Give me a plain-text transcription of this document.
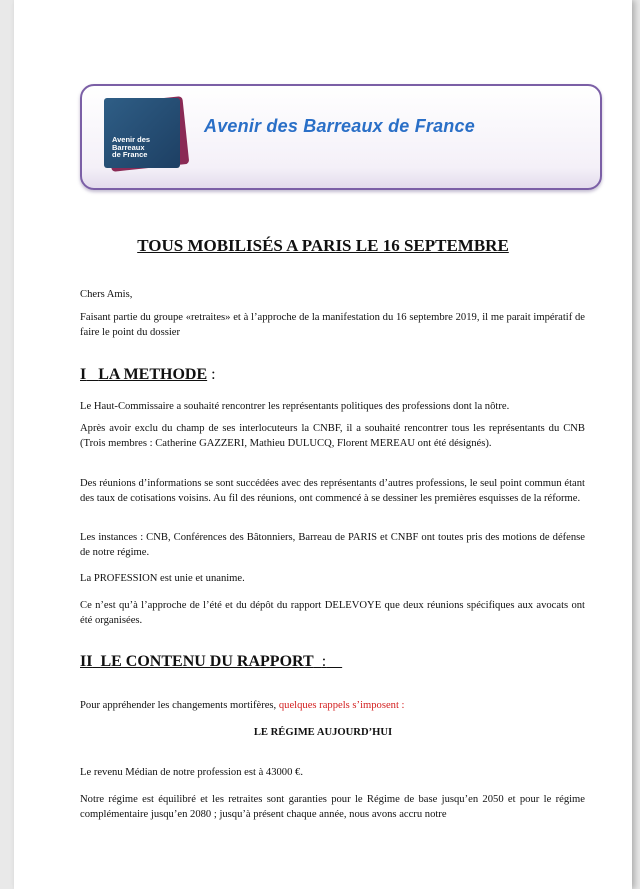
Avenir des
Barreaux
de France
Avenir des Barreaux de France
TOUS MOBILISÉS A PARIS LE 16 SEPTEMBRE
Chers Amis,
Faisant partie du groupe «retraites» et à l’approche de la manifestation du 16 septembre 2019, il me parait impératif de faire le point du dossier
I LA METHODE :
Le Haut-Commissaire a souhaité rencontrer les représentants politiques des professions dont la nôtre.
Après avoir exclu du champ de ses interlocuteurs la CNBF, il a souhaité rencontrer tous les représentants du CNB (Trois membres : Catherine GAZZERI, Mathieu DULUCQ, Florent MEREAU ont été désignés).
Des réunions d’informations se sont succédées avec des représentants d’autres professions, le seul point commun étant des taux de cotisations voisins. Au fil des réunions, ont commencé à se dessiner les premières esquisses de la réforme.
Les instances : CNB, Conférences des Bâtonniers, Barreau de PARIS et CNBF ont toutes pris des motions de défense de notre régime.
La PROFESSION est unie et unanime.
Ce n’est qu’à l’approche de l’été et du dépôt du rapport DELEVOYE que deux réunions spécifiques aux avocats ont été organisées.
II LE CONTENU DU RAPPORT :
Pour appréhender les changements mortifères, quelques rappels s’imposent :
LE RÉGIME AUJOURD’HUI
Le revenu Médian de notre profession est à 43000 €.
Notre régime est équilibré et les retraites sont garanties pour le Régime de base jusqu’en 2050 et pour le régime complémentaire jusqu’en 2080 ; jusqu’à présent chaque année, nous avons accru notre
